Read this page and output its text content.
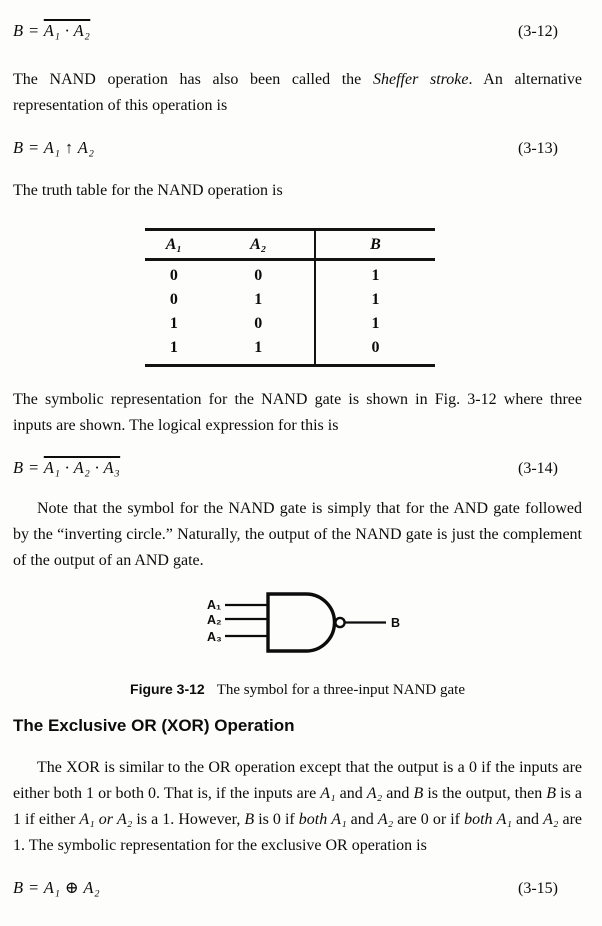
B = A₁ · A₂	(3-12)

The NAND operation has also been called the Sheffer stroke. An alternative representation of this operation is

B = A₁ ↑ A₂	(3-13)

The truth table for the NAND operation is

A₁	A₂	B
0	0	1
0	1	1
1	0	1
1	1	0

The symbolic representation for the NAND gate is shown in Fig. 3-12 where three inputs are shown. The logical expression for this is

B = A₁ · A₂ · A₃	(3-14)

Note that the symbol for the NAND gate is simply that for the AND gate followed by the “inverting circle.” Naturally, the output of the NAND gate is just the complement of the output of an AND gate.

A₁
A₂
A₃
B
Figure 3-12 The symbol for a three-input NAND gate
The Exclusive OR (XOR) Operation

The XOR is similar to the OR operation except that the output is a 0 if the inputs are either both 1 or both 0. That is, if the inputs are A₁ and A₂ and B is the output, then B is a 1 if either A₁ or A₂ is a 1. However, B is 0 if both A₁ and A₂ are 0 or if both A₁ and A₂ are 1. The symbolic representation for the exclusive OR operation is

B = A₁ ⊕ A₂	(3-15)
